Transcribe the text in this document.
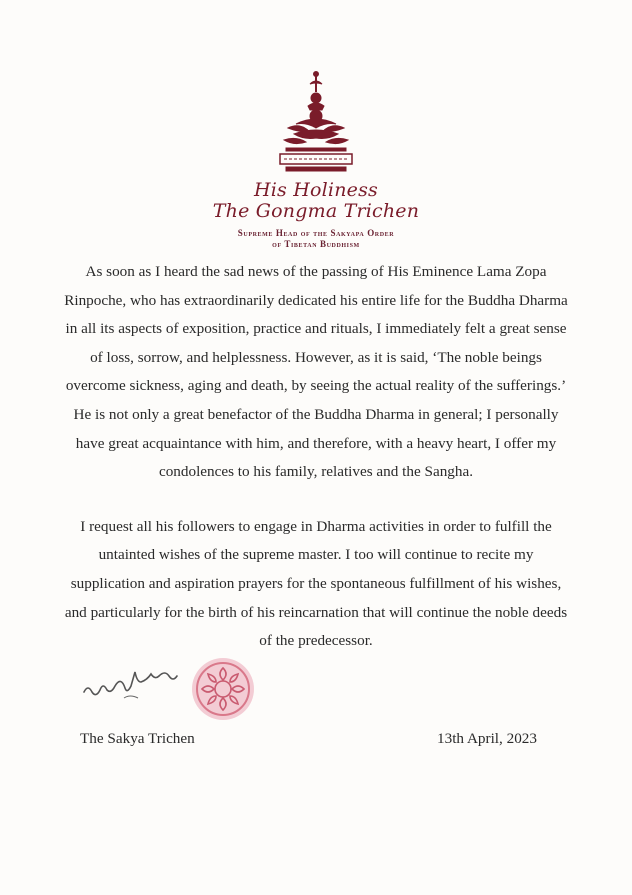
His Holiness
The Gongma Trichen
Supreme Head of the Sakyapa Order
of Tibetan Buddhism

As soon as I heard the sad news of the passing of His Eminence Lama Zopa Rinpoche, who has extraordinarily dedicated his entire life for the Buddha Dharma in all its aspects of exposition, practice and rituals, I immediately felt a great sense of loss, sorrow, and helplessness. However, as it is said, ‘The noble beings overcome sickness, aging and death, by seeing the actual reality of the sufferings.’ He is not only a great benefactor of the Buddha Dharma in general; I personally have great acquaintance with him, and therefore, with a heavy heart, I offer my condolences to his family, relatives and the Sangha.

I request all his followers to engage in Dharma activities in order to fulfill the untainted wishes of the supreme master. I too will continue to recite my supplication and aspiration prayers for the spontaneous fulfillment of his wishes, and particularly for the birth of his reincarnation that will continue the noble deeds of the predecessor.

The Sakya Trichen	13th April, 2023
